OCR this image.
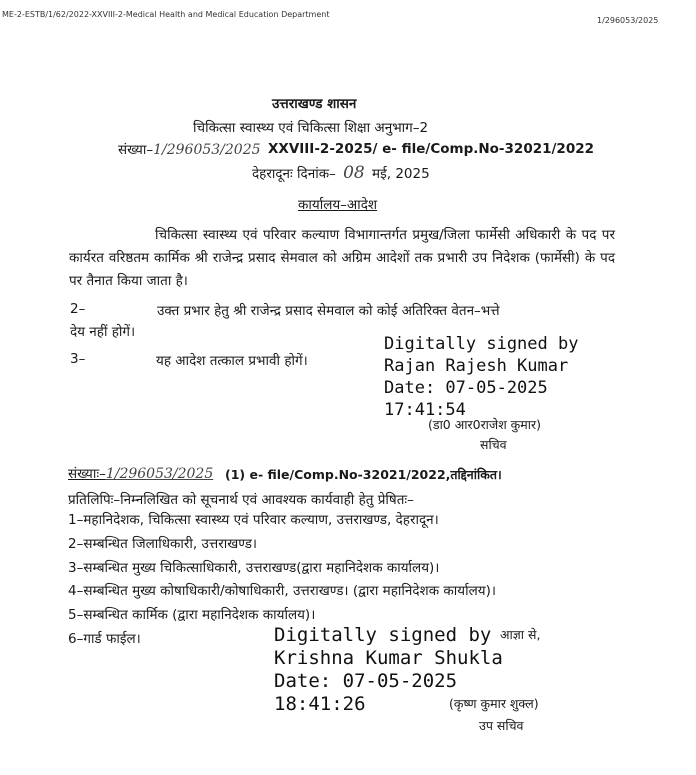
ME-2-ESTB/1/62/2022-XXVIII-2-Medical Health and Medical Education Department
1/296053/2025
उत्तराखण्ड शासन
चिकित्सा स्वास्थ्य एवं चिकित्सा शिक्षा अनुभाग–2
संख्या–1/296053/2025 XXVIII-2-2025/ e- file/Comp.No-32021/2022
देहरादूनः दिनांक– 08 मई, 2025
कार्यालय–आदेश
चिकित्सा स्वास्थ्य एवं परिवार कल्याण विभागान्तर्गत प्रमुख/जिला फार्मेसी अधिकारी के पद पर कार्यरत वरिष्ठतम कार्मिक श्री राजेन्द्र प्रसाद सेमवाल को अग्रिम आदेशों तक प्रभारी उप निदेशक (फार्मेसी) के पद पर तैनात किया जाता है।
2–	उक्त प्रभार हेतु श्री राजेन्द्र प्रसाद सेमवाल को कोई अतिरिक्त वेतन–भत्ते
देय नहीं होगें।
3–	यह आदेश तत्काल प्रभावी होगें।
Digitally signed by
Rajan Rajesh Kumar
Date: 07-05-2025
17:41:54
(डा0 आर0राजेश कुमार)
सचिव
संख्याः–1/296053/2025 (1) e- file/Comp.No-32021/2022,तद्दिनांकित।
प्रतिलिपिः–निम्नलिखित को सूचनार्थ एवं आवश्यक कार्यवाही हेतु प्रेषितः–
1–महानिदेशक, चिकित्सा स्वास्थ्य एवं परिवार कल्याण, उत्तराखण्ड, देहरादून।
2–सम्बन्धित जिलाधिकारी, उत्तराखण्ड।
3–सम्बन्धित मुख्य चिकित्साधिकारी, उत्तराखण्ड(द्वारा महानिदेशक कार्यालय)।
4–सम्बन्धित मुख्य कोषाधिकारी/कोषाधिकारी, उत्तराखण्ड। (द्वारा महानिदेशक कार्यालय)।
5–सम्बन्धित कार्मिक (द्वारा महानिदेशक कार्यालय)।
6–गार्ड फाईल।	आज्ञा से,
Digitally signed by
Krishna Kumar Shukla
Date: 07-05-2025
18:41:26	(कृष्ण कुमार शुक्ल)
उप सचिव
